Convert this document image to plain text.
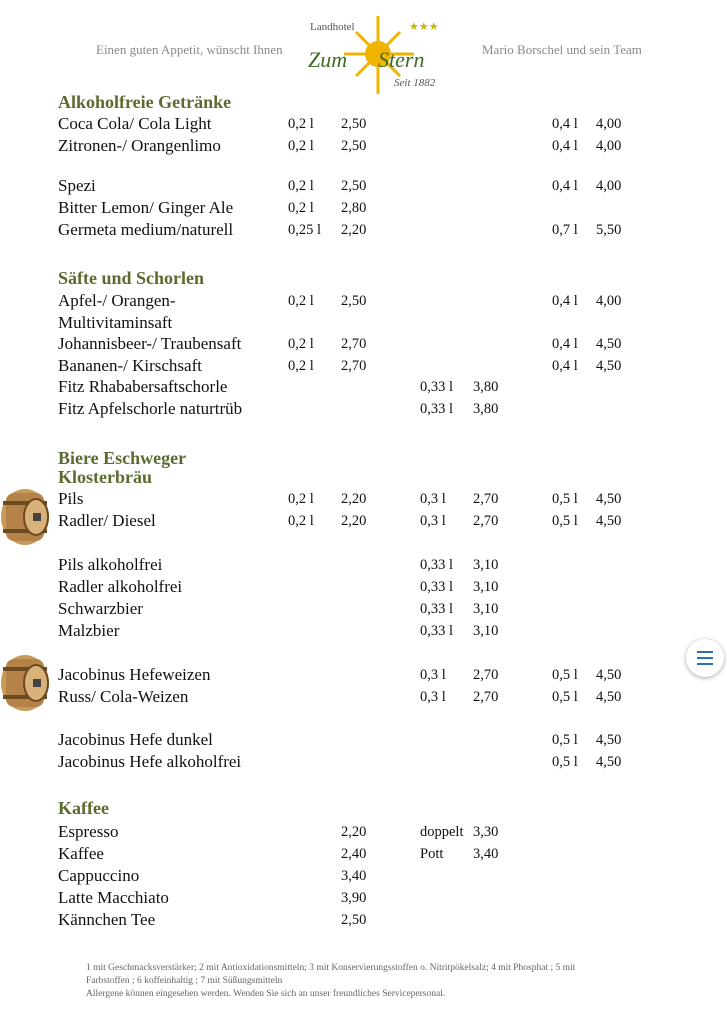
Einen guten Appetit, wünscht Ihnen	Mario Borschel und sein Team
Landhotel	★★★
Zum Stern
Seit 1882
Alkoholfreie Getränke
Säfte und Schorlen
Biere Eschweger
Klosterbräu
Kaffee
Coca Cola/ Cola Light	0,2 l 2,50	0,4 l 4,00
Zitronen-/ Orangenlimo	0,2 l 2,50	0,4 l 4,00
Spezi	0,2 l 2,50	0,4 l 4,00
Bitter Lemon/ Ginger Ale	0,2 l 2,80
Germeta medium/naturell	0,25 l 2,20	0,7 l 5,50
Apfel-/ Orangen-	0,2 l 2,50	0,4 l 4,00
Multivitaminsaft
Johannisbeer-/ Traubensaft	0,2 l 2,70	0,4 l 4,50
Bananen-/ Kirschsaft	0,2 l 2,70	0,4 l 4,50
Fitz Rhababersaftschorle	0,33 l 3,80
Fitz Apfelschorle naturtrüb	0,33 l 3,80
Pils	0,2 l 2,20	0,3 l 2,70	0,5 l 4,50
Radler/ Diesel	0,2 l 2,20	0,3 l 2,70	0,5 l 4,50
Pils alkoholfrei	0,33 l 3,10
Radler alkoholfrei	0,33 l 3,10
Schwarzbier	0,33 l 3,10
Malzbier	0,33 l 3,10
Jacobinus Hefeweizen	0,3 l 2,70	0,5 l 4,50
Russ/ Cola-Weizen	0,3 l 2,70	0,5 l 4,50
Jacobinus Hefe dunkel	0,5 l 4,50
Jacobinus Hefe alkoholfrei	0,5 l 4,50
Espresso	2,20	doppelt 3,30
Kaffee	2,40	Pott 3,40
Cappuccino	3,40
Latte Macchiato	3,90
Kännchen Tee	2,50
1 mit Geschmacksverstärker; 2 mit Antioxidationsmitteln; 3 mit Konservierungsstoffen o. Nitritpökelsalz; 4 mit Phosphat ; 5 mit
Farbstoffen ; 6 koffeinhaltig ; 7 mit Süßungsmitteln
Allergene können eingesehen werden. Wenden Sie sich an unser freundliches Servicepersonal.
